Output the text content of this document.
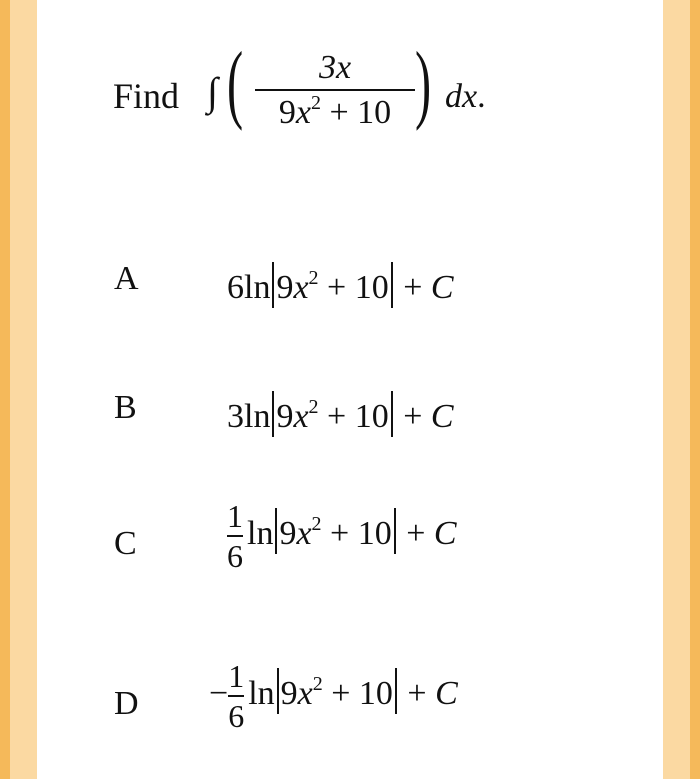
Find ∫ (	3x
$9x^2 + 10$ ) dx.
A	6ln $9x^2 + 10 + C$
B	3ln $9x^2 + 10 + C$
C	$\frac{1}{6}$ $\ln 9x^2 + 10 + C$
$D - \frac{1}{6}$ $\ln 9x^2 + 10 + C$
